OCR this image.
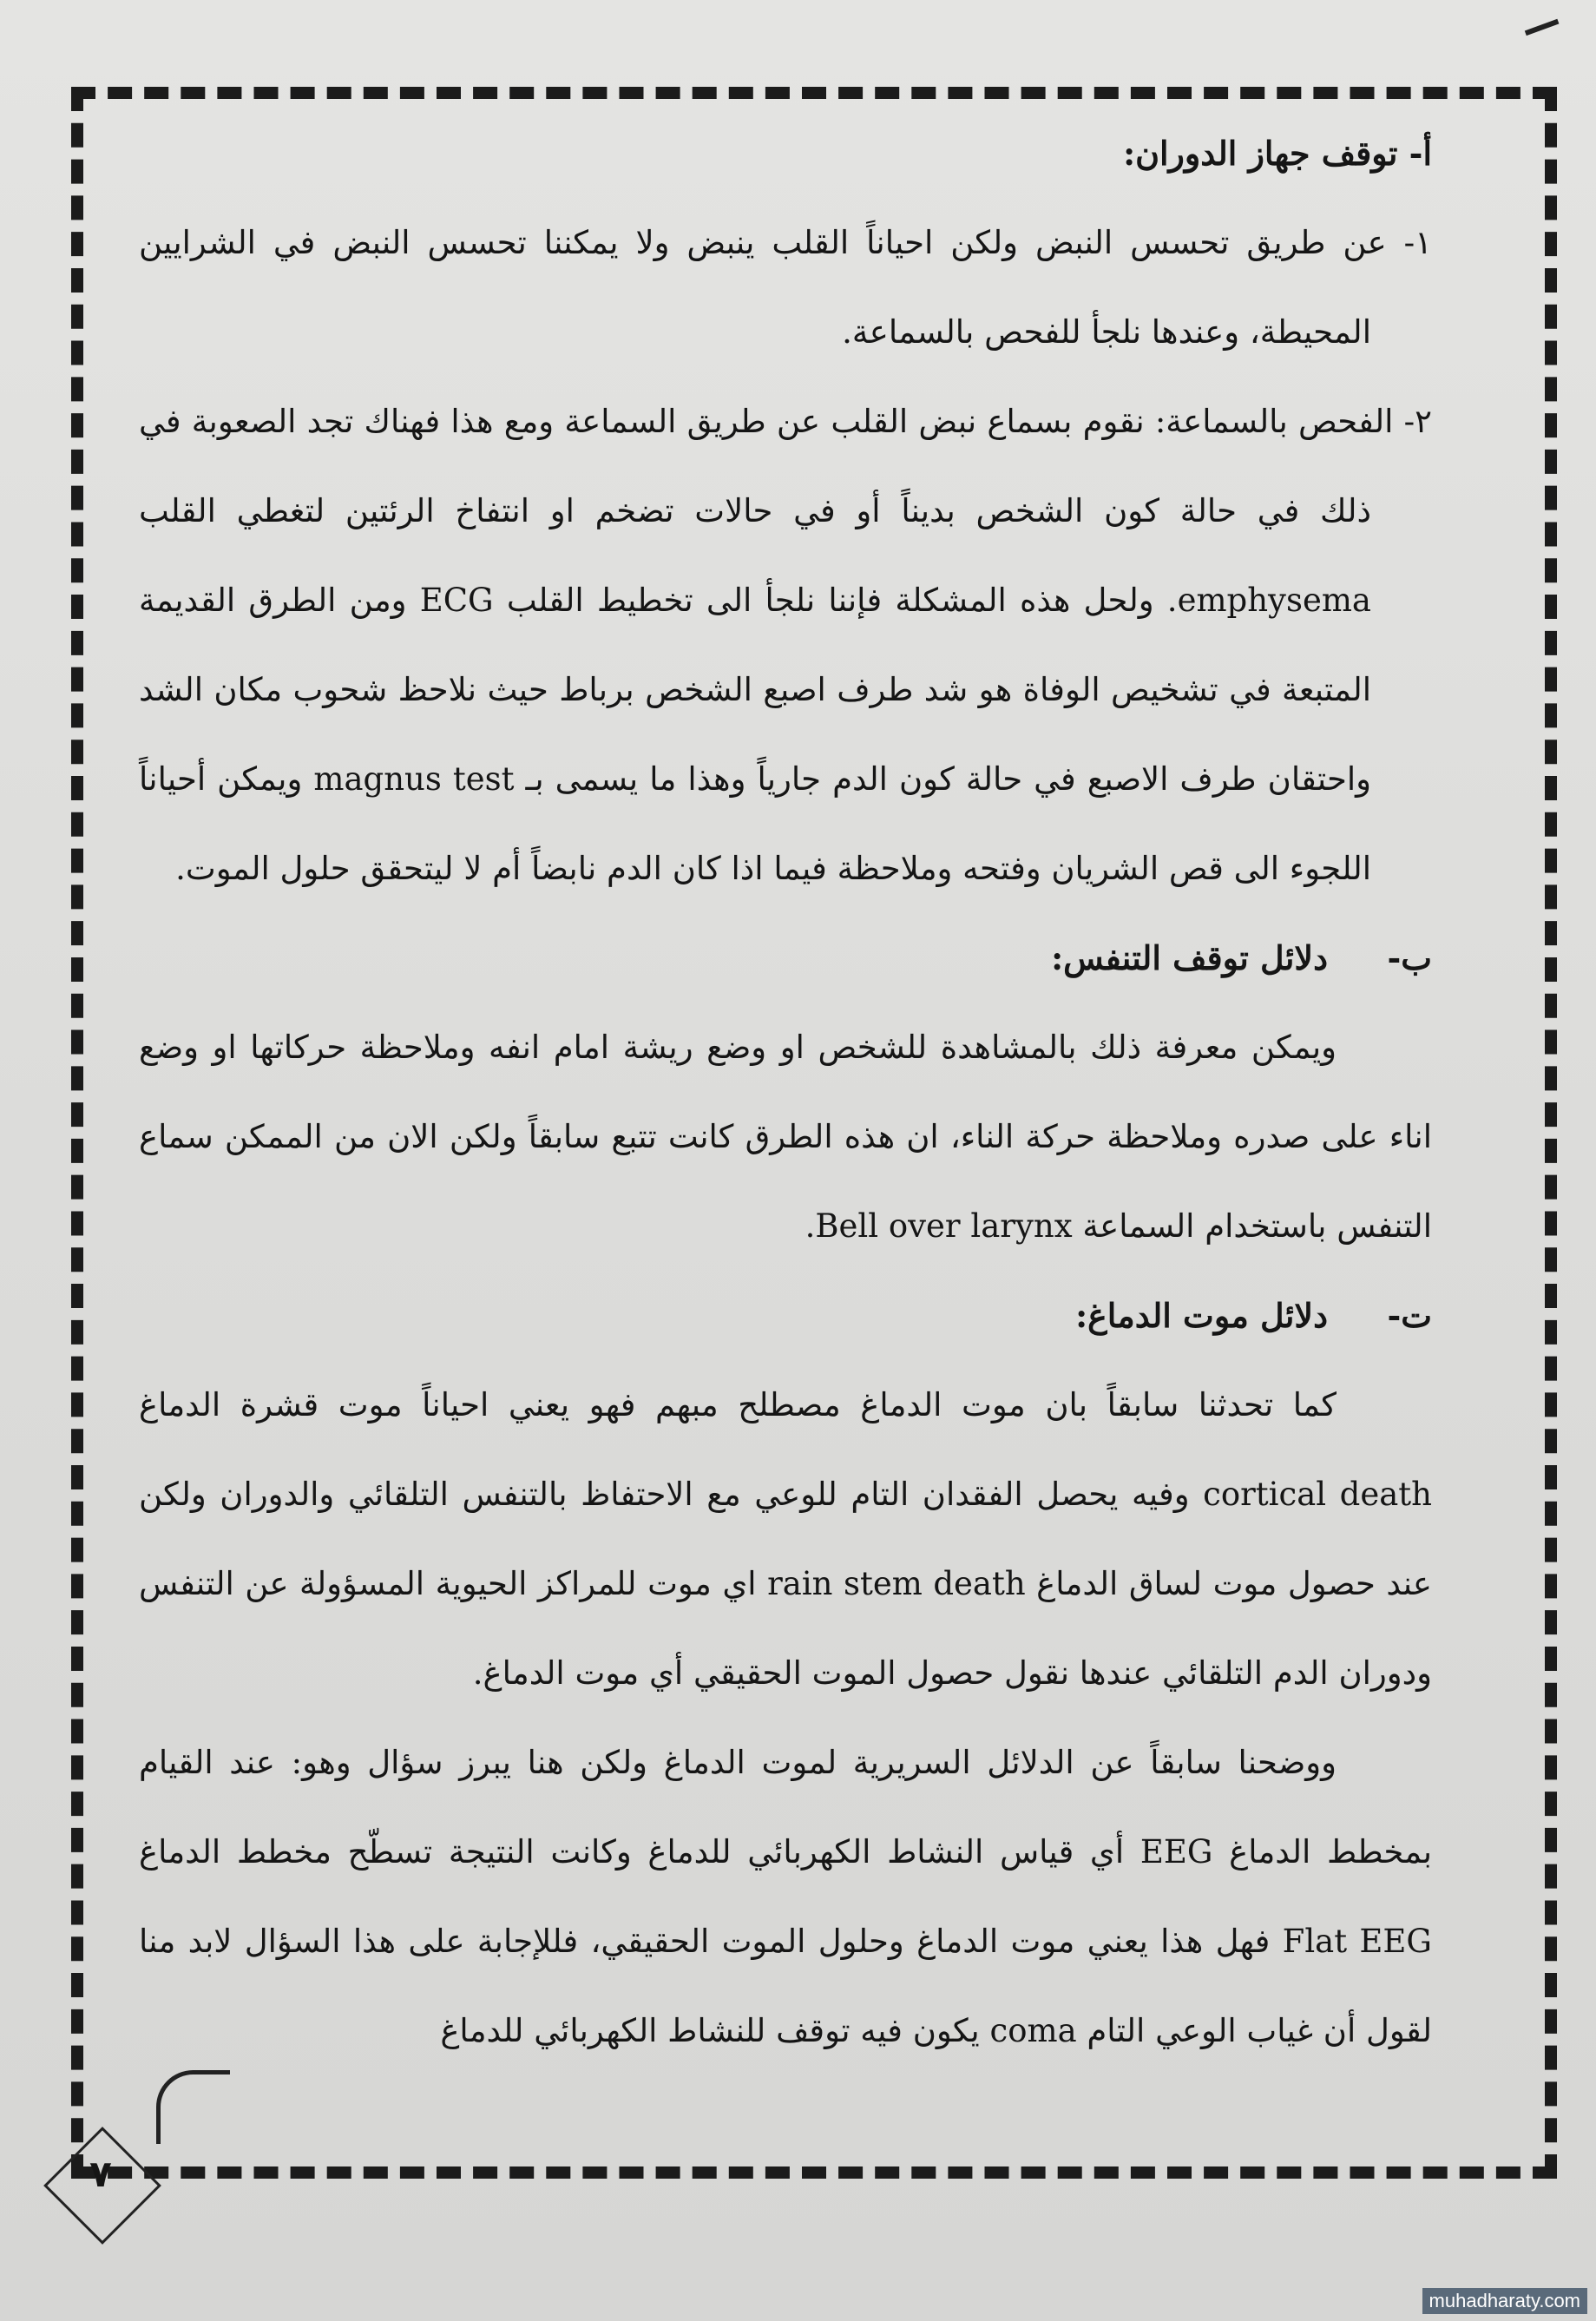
أ- توقف جهاز الدوران:

١- عن طريق تحسس النبض ولكن احياناً القلب ينبض ولا يمكننا تحسس النبض في الشرايين المحيطة، وعندها نلجأ للفحص بالسماعة.

٢- الفحص بالسماعة: نقوم بسماع نبض القلب عن طريق السماعة ومع هذا فهناك تجد الصعوبة في ذلك في حالة كون الشخص بديناً أو في حالات تضخم او انتفاخ الرئتين لتغطي القلب emphysema. ولحل هذه المشكلة فإننا نلجأ الى تخطيط القلب ECG ومن الطرق القديمة المتبعة في تشخيص الوفاة هو شد طرف اصبع الشخص برباط حيث نلاحظ شحوب مكان الشد واحتقان طرف الاصبع في حالة كون الدم جارياً وهذا ما يسمى بـ magnus test ويمكن أحياناً اللجوء الى قص الشريان وفتحه وملاحظة فيما اذا كان الدم نابضاً أم لا ليتحقق حلول الموت.

ب-دلائل توقف التنفس:

ويمكن معرفة ذلك بالمشاهدة للشخص او وضع ريشة امام انفه وملاحظة حركاتها او وضع اناء على صدره وملاحظة حركة الناء، ان هذه الطرق كانت تتبع سابقاً ولكن الان من الممكن سماع التنفس باستخدام السماعة Bell over larynx.

ت-دلائل موت الدماغ:

كما تحدثنا سابقاً بان موت الدماغ مصطلح مبهم فهو يعني احياناً موت قشرة الدماغ cortical death وفيه يحصل الفقدان التام للوعي مع الاحتفاظ بالتنفس التلقائي والدوران ولكن عند حصول موت لساق الدماغ rain stem death اي موت للمراكز الحيوية المسؤولة عن التنفس ودوران الدم التلقائي عندها نقول حصول الموت الحقيقي أي موت الدماغ.

ووضحنا سابقاً عن الدلائل السريرية لموت الدماغ ولكن هنا يبرز سؤال وهو: عند القيام بمخطط الدماغ EEG أي قياس النشاط الكهربائي للدماغ وكانت النتيجة تسطّح مخطط الدماغ Flat EEG فهل هذا يعني موت الدماغ وحلول الموت الحقيقي، فللإجابة على هذا السؤال لابد منا لقول أن غياب الوعي التام coma يكون فيه توقف للنشاط الكهربائي للدماغ

٧
muhadharaty.com
